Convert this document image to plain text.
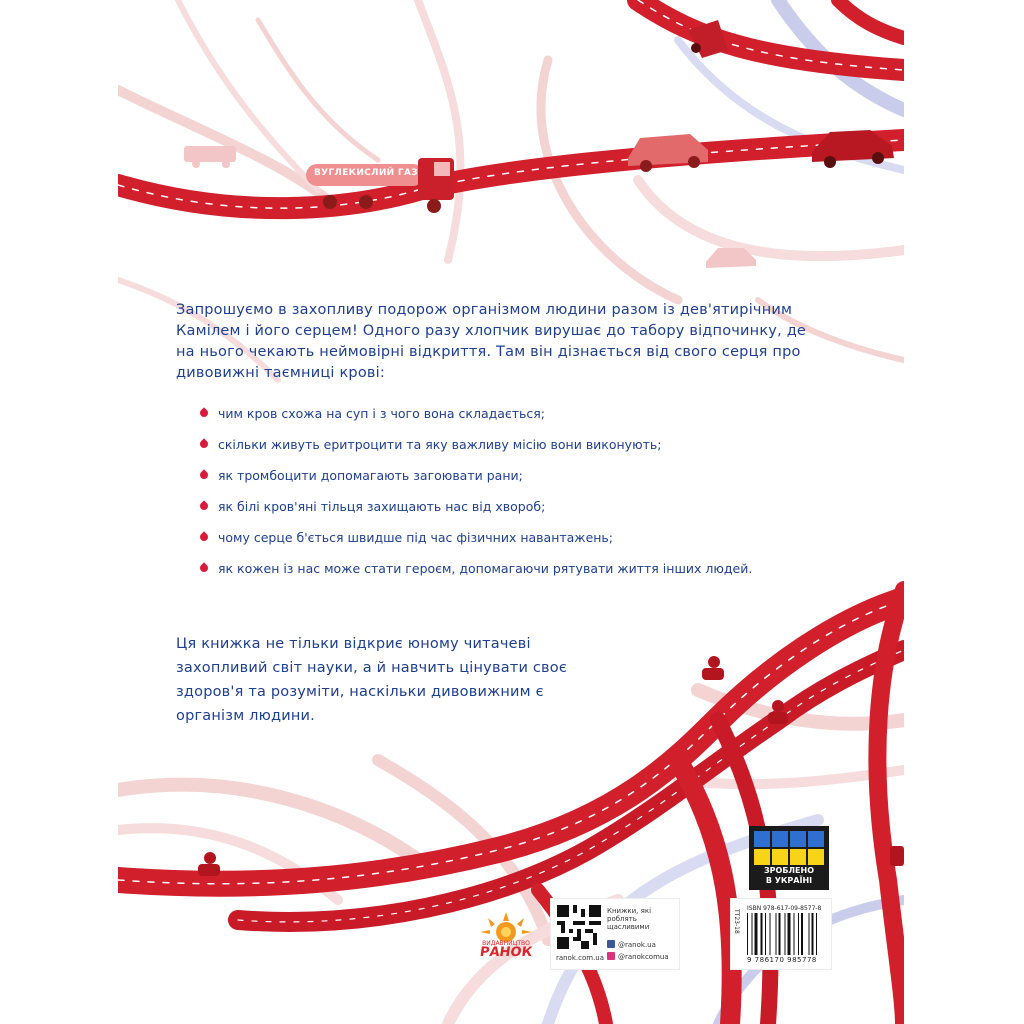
ВУГЛЕКИСЛИЙ ГАЗ

Запрошуємо в захопливу подорож організмом людини разом із дев'ятирічним Камілем і його серцем! Одного разу хлопчик вирушає до табору відпочинку, де на нього чекають неймовірні відкриття. Там він дізнається від свого серця про дивовижні таємниці крові:

чим кров схожа на суп і з чого вона складається;
скільки живуть еритроцити та яку важливу місію вони виконують;
як тромбоцити допомагають загоювати рани;
як білі кров'яні тільця захищають нас від хвороб;
чому серце б'ється швидше під час фізичних навантажень;
як кожен із нас може стати героєм, допомагаючи рятувати життя інших людей.

Ця книжка не тільки відкриє юному читачеві захопливий світ науки, а й навчить цінувати своє здоров'я та розуміти, наскільки дивовижним є організм людини.

ЗРОБЛЕНО
В УКРАЇНІ
ВИДАВНИЦТВО
РАНОК	ranok.com.ua
Книжки, які роблять щасливими
@ranok.ua
@ranokcomua
ТТ23-18
ISBN 978-617-09-8577-8
9 786170 985778
